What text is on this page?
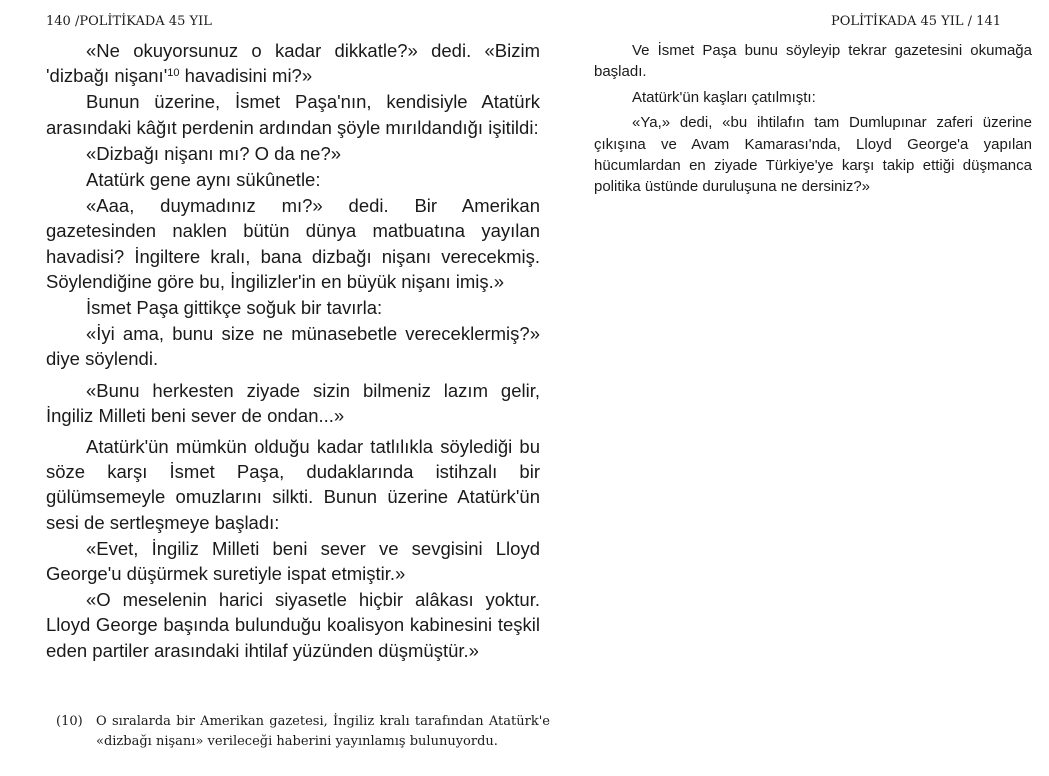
140 /POLİTİKADA 45 YIL	POLİTİKADA 45 YIL / 141

«Ne okuyorsunuz o kadar dikkatle?» dedi. «Bizim 'dizbağı $nişanı'^{10}$ havadisini mi?»

Bunun üzerine, İsmet Paşa'nın, kendisiyle Atatürk arasındaki kâğıt perdenin ardından şöyle mırıldandığı işitildi:

«Dizbağı nişanı mı? O da ne?»

Atatürk gene aynı sükûnetle:

«Aaa, duymadınız mı?» dedi. Bir Amerikan gazetesinden naklen bütün dünya matbuatına yayılan havadisi? İngiltere kralı, bana dizbağı nişanı verecekmiş. Söylendiğine göre bu, İngilizler'in en büyük nişanı imiş.»

İsmet Paşa gittikçe soğuk bir tavırla:

«İyi ama, bunu size ne münasebetle vereceklermiş?» diye söylendi.

«Bunu herkesten ziyade sizin bilmeniz lazım gelir, İngiliz Milleti beni sever de ondan...»

Atatürk'ün mümkün olduğu kadar tatlılıkla söylediği bu söze karşı İsmet Paşa, dudaklarında istihzalı bir gülümsemeyle omuzlarını silkti. Bunun üzerine Atatürk'ün sesi de sertleşmeye başladı:

«Evet, İngiliz Milleti beni sever ve sevgisini Lloyd George'u düşürmek suretiyle ispat etmiştir.»

«O meselenin harici siyasetle hiçbir alâkası yoktur. Lloyd George başında bulunduğu koalisyon kabinesini teşkil eden partiler arasındaki ihtilaf yüzünden düşmüştür.»

(10) O sıralarda bir Amerikan gazetesi, İngiliz kralı tarafından Atatürk'e «dizbağı nişanı» verileceği haberini yayınlamış bulunuyordu.

Ve İsmet Paşa bunu söyleyip tekrar gazetesini okumağa başladı.

Atatürk'ün kaşları çatılmıştı:

«Ya,» dedi, «bu ihtilafın tam Dumlupınar zaferi üzerine çıkışına ve Avam Kamarası'nda, Lloyd George'a yapılan hücumlardan en ziyade Türkiye'ye karşı takip ettiği düşmanca politika üstünde duruluşuna ne dersiniz?»
